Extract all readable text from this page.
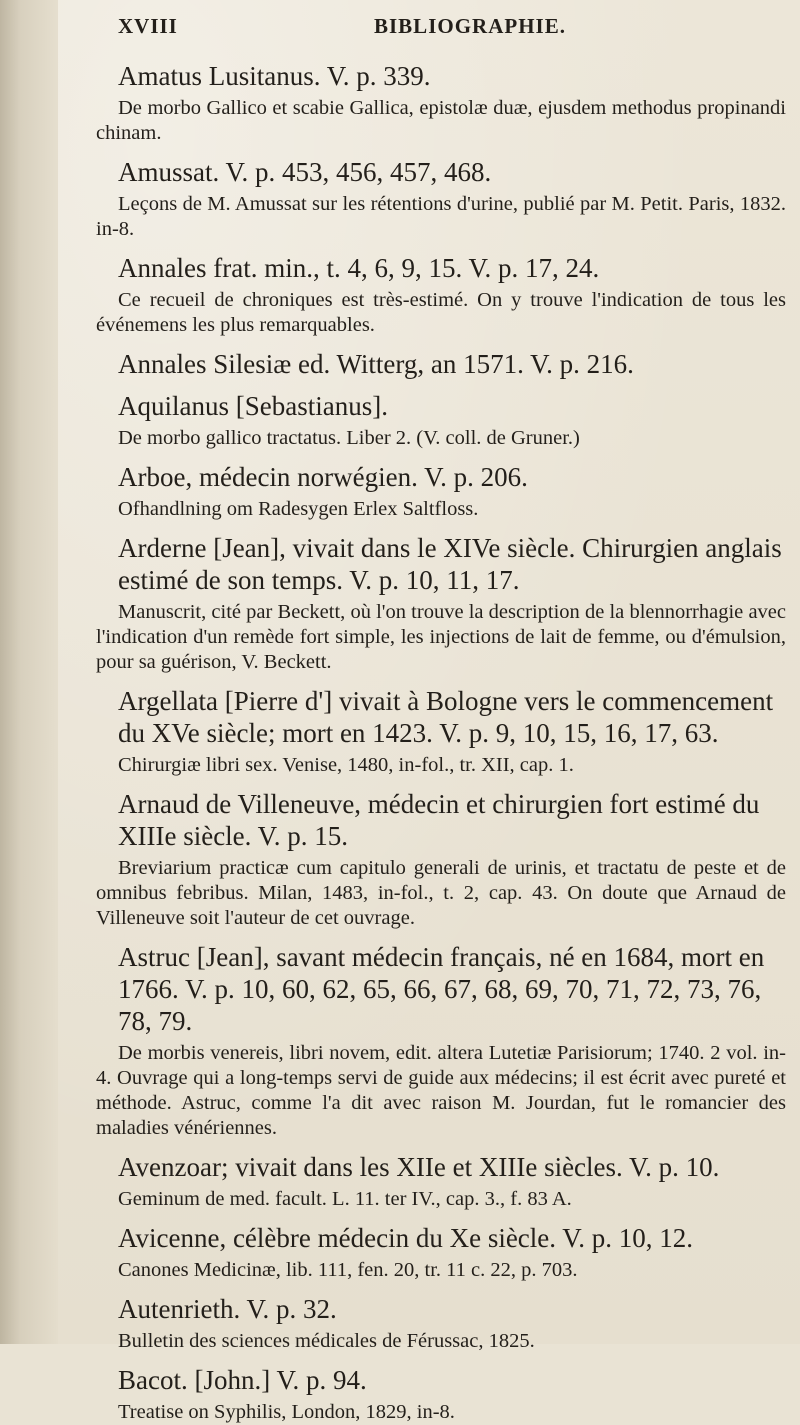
XVIII	BIBLIOGRAPHIE.
Amatus Lusitanus. V. p. 339.
De morbo Gallico et scabie Gallica, epistolæ duæ, ejusdem methodus propinandi chinam.
Amussat. V. p. 453, 456, 457, 468.
Leçons de M. Amussat sur les rétentions d'urine, publié par M. Petit. Paris, 1832. in-8.
Annales frat. min., t. 4, 6, 9, 15. V. p. 17, 24.
Ce recueil de chroniques est très-estimé. On y trouve l'indication de tous les événemens les plus remarquables.
Annales Silesiæ ed. Witterg, an 1571. V. p. 216.
Aquilanus [Sebastianus].
De morbo gallico tractatus. Liber 2. (V. coll. de Gruner.)
Arboe, médecin norwégien. V. p. 206.
Ofhandlning om Radesygen Erlex Saltfloss.
Arderne [Jean], vivait dans le XIVe siècle. Chirurgien anglais estimé de son temps. V. p. 10, 11, 17.
Manuscrit, cité par Beckett, où l'on trouve la description de la blennorrhagie avec l'indication d'un remède fort simple, les injections de lait de femme, ou d'émulsion, pour sa guérison, V. Beckett.
Argellata [Pierre d'] vivait à Bologne vers le commencement du XVe siècle; mort en 1423. V. p. 9, 10, 15, 16, 17, 63.
Chirurgiæ libri sex. Venise, 1480, in-fol., tr. XII, cap. 1.
Arnaud de Villeneuve, médecin et chirurgien fort estimé du XIIIe siècle. V. p. 15.
Breviarium practicæ cum capitulo generali de urinis, et tractatu de peste et de omnibus febribus. Milan, 1483, in-fol., t. 2, cap. 43. On doute que Arnaud de Villeneuve soit l'auteur de cet ouvrage.
Astruc [Jean], savant médecin français, né en 1684, mort en 1766. V. p. 10, 60, 62, 65, 66, 67, 68, 69, 70, 71, 72, 73, 76, 78, 79.
De morbis venereis, libri novem, edit. altera Lutetiæ Parisiorum; 1740. 2 vol. in-4. Ouvrage qui a long-temps servi de guide aux médecins; il est écrit avec pureté et méthode. Astruc, comme l'a dit avec raison M. Jourdan, fut le romancier des maladies vénériennes.
Avenzoar; vivait dans les XIIe et XIIIe siècles. V. p. 10.
Geminum de med. facult. L. 11. ter IV., cap. 3., f. 83 A.
Avicenne, célèbre médecin du Xe siècle. V. p. 10, 12.
Canones Medicinæ, lib. 111, fen. 20, tr. 11 c. 22, p. 703.
Autenrieth. V. p. 32.
Bulletin des sciences médicales de Férussac, 1825.
Bacot. [John.] V. p. 94.
Treatise on Syphilis, London, 1829, in-8.
